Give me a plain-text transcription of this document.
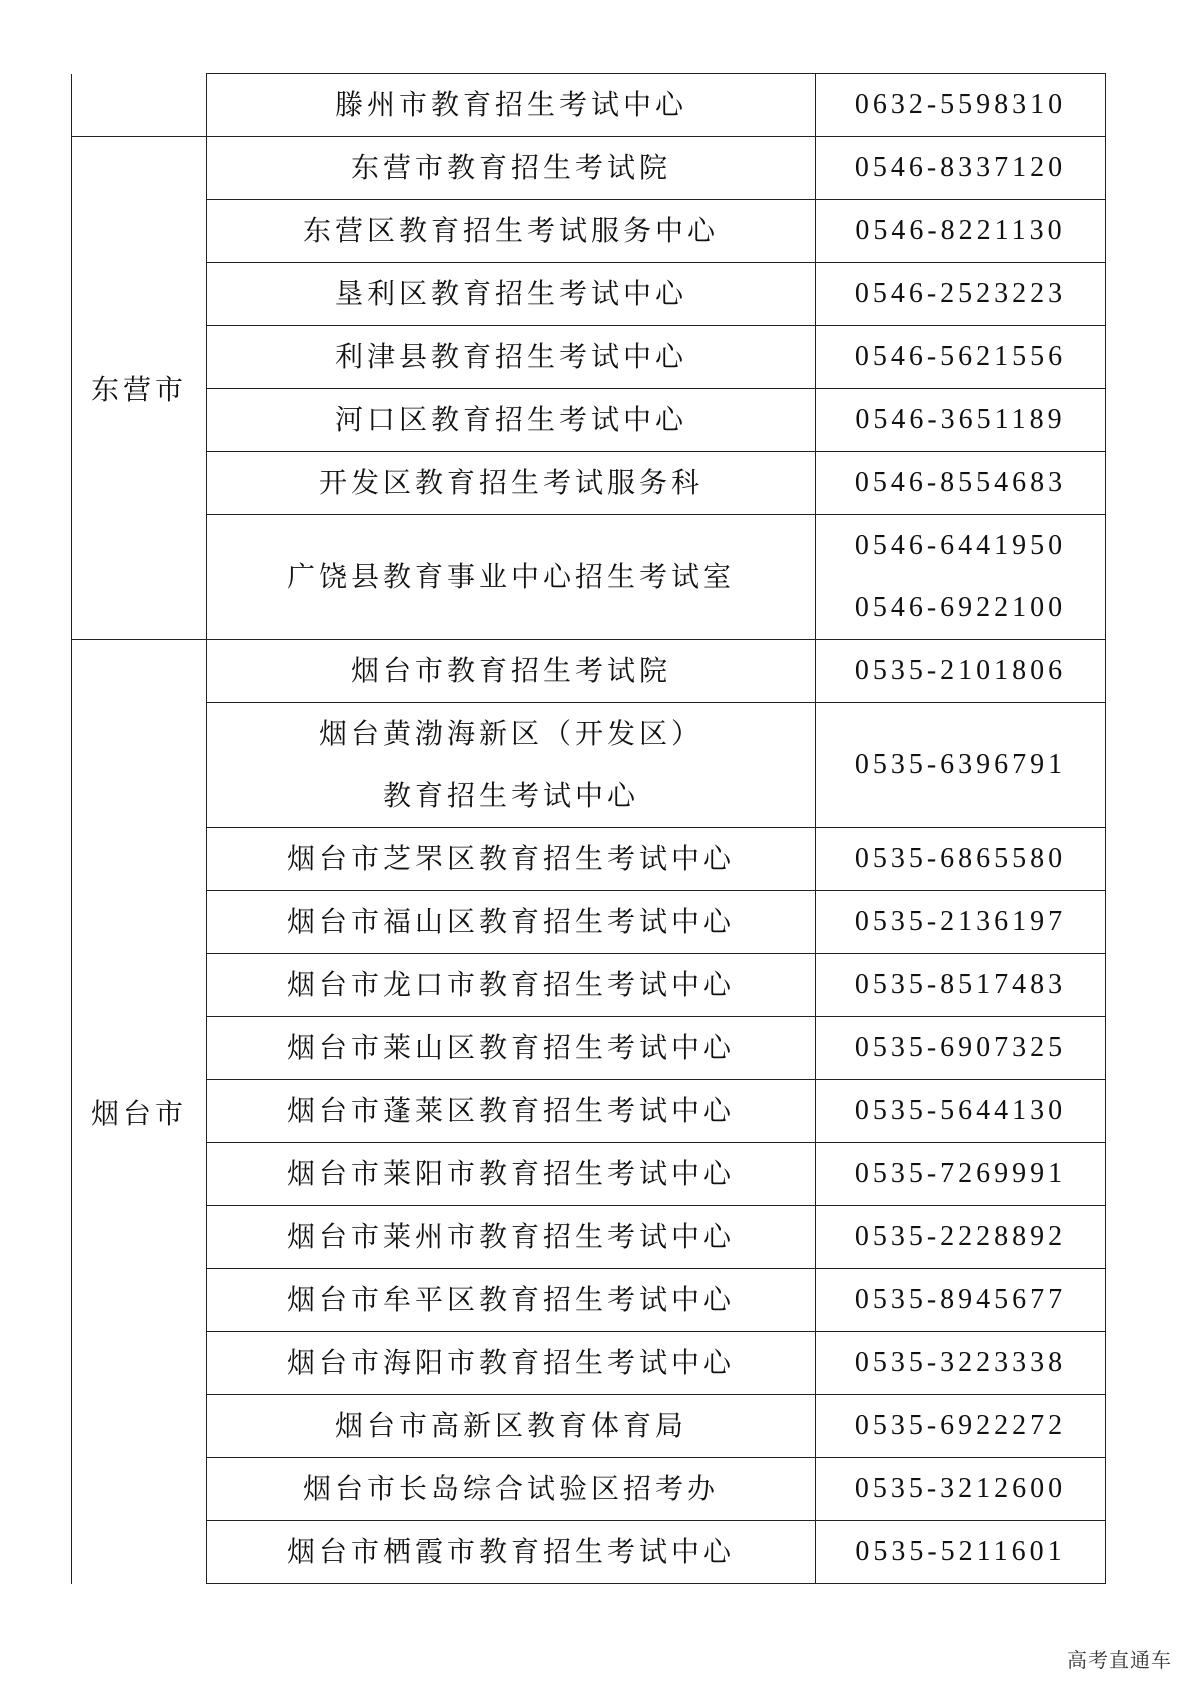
	滕州市教育招生考试中心	0632-5598310

东营市	东营市教育招生考试院	0546-8337120

	东营区教育招生考试服务中心	0546-8221130

	垦利区教育招生考试中心	0546-2523223

	利津县教育招生考试中心	0546-5621556

	河口区教育招生考试中心	0546-3651189

	开发区教育招生考试服务科	0546-8554683

	广饶县教育事业中心招生考试室	0546-6441950
0546-6922100

烟台市	烟台市教育招生考试院	0535-2101806

	烟台黄渤海新区（开发区）
教育招生考试中心	0535-6396791

	烟台市芝罘区教育招生考试中心	0535-6865580

	烟台市福山区教育招生考试中心	0535-2136197

	烟台市龙口市教育招生考试中心	0535-8517483

	烟台市莱山区教育招生考试中心	0535-6907325

	烟台市蓬莱区教育招生考试中心	0535-5644130

	烟台市莱阳市教育招生考试中心	0535-7269991

	烟台市莱州市教育招生考试中心	0535-2228892

	烟台市牟平区教育招生考试中心	0535-8945677

	烟台市海阳市教育招生考试中心	0535-3223338

	烟台市高新区教育体育局	0535-6922272

	烟台市长岛综合试验区招考办	0535-3212600

	烟台市栖霞市教育招生考试中心	0535-5211601
高考直通车
